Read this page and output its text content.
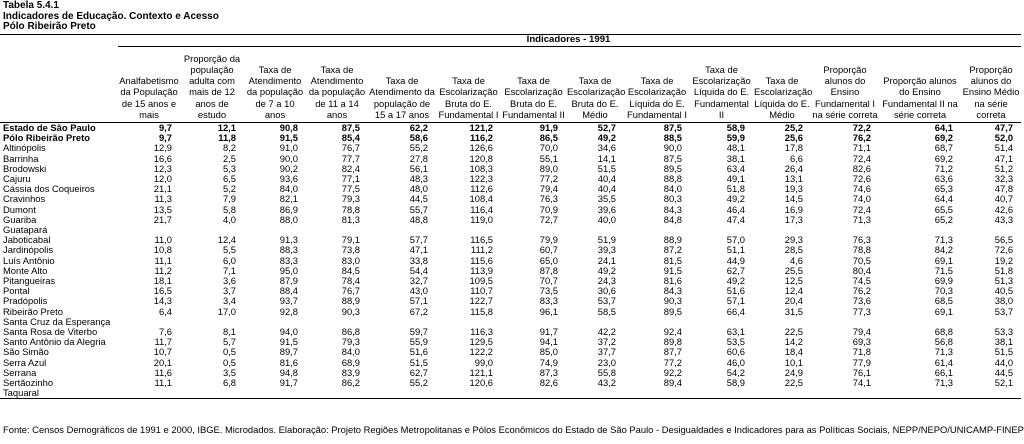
Tabela 5.4.1
Indicadores de Educação. Contexto e Acesso
Pólo Ribeirão Preto
	Indicadores - 1991													
	Analfabetismo da População de 15 anos e mais	Proporção da população adulta com mais de 12 anos de estudo	Taxa de Atendimento da população de 7 a 10 anos	Taxa de Atendimento da população de 11 a 14 anos	Taxa de Atendimento da população de 15 a 17 anos	Taxa de Escolarização Bruta do E. Fundamental I	Taxa de Escolarização Bruta do E. Fundamental II	Taxa de Escolarização Bruta do E. Médio	Taxa de Escolarização Líquida do E. Fundamental I	Taxa de Escolarização Líquida do E. Fundamental II	Taxa de Escolarização Líquida do E. Médio	Proporção alunos do Ensino Fundamental I na série correta	Proporção alunos do Ensino Fundamental II na série correta	Proporção alunos do Ensino Médio na série correta
Estado de São Paulo	9,7	12,1	90,8	87,5	62,2	121,2	91,9	52,7	87,5	58,9	25,2	72,2	64,1	47,7
Pólo Ribeirão Preto	9,7	11,8	91,5	85,4	58,6	116,2	86,5	49,2	88,5	59,9	25,6	76,2	69,2	52,0
Altinópolis	12,9	8,2	91,0	76,7	55,2	126,6	70,0	34,6	90,0	48,1	17,8	71,1	68,7	51,4
Barrinha	16,6	2,5	90,0	77,7	27,8	120,8	55,1	14,1	87,5	38,1	6,6	72,4	69,2	47,1
Brodowski	12,3	5,3	90,2	82,4	56,1	108,3	89,0	51,5	89,5	63,4	26,4	82,6	71,2	51,2
Cajuru	12,0	6,5	93,6	77,1	48,3	122,3	77,2	40,4	88,8	49,1	13,1	72,6	63,6	32,3
Cássia dos Coqueiros	21,1	5,2	84,0	77,5	48,0	112,6	79,4	40,4	84,0	51,8	19,3	74,6	65,3	47,8
Cravinhos	11,3	7,9	82,1	79,3	44,5	108,4	76,3	35,5	80,3	49,2	14,5	74,0	64,4	40,7
Dumont	13,5	5,8	86,9	78,8	55,7	116,4	70,9	39,6	84,3	46,4	16,9	72,4	65,5	42,6
Guariba	21,7	4,0	88,0	81,3	48,8	119,0	72,7	40,0	84,8	47,4	17,3	71,3	65,2	43,3
Guatapará														
Jaboticabal	11,0	12,4	91,3	79,1	57,7	116,5	79,9	51,9	88,9	57,0	29,3	76,3	71,3	56,5
Jardinópolis	10,8	5,5	88,3	73,8	47,1	111,2	60,7	39,3	87,2	51,1	28,5	78,8	84,2	72,6
Luís Antônio	11,1	6,0	83,3	83,0	33,8	115,6	65,0	24,1	81,5	44,9	4,6	70,5	69,1	19,2
Monte Alto	11,2	7,1	95,0	84,5	54,4	113,9	87,8	49,2	91,5	62,7	25,5	80,4	71,5	51,8
Pitangueiras	18,1	3,6	87,9	78,4	32,7	109,5	70,7	24,3	81,6	49,2	12,5	74,5	69,9	51,3
Pontal	16,5	3,7	88,4	76,7	43,0	110,7	73,5	30,6	84,3	51,6	12,4	76,2	70,3	40,5
Pradópolis	14,3	3,4	93,7	88,9	57,1	122,7	83,3	53,7	90,3	57,1	20,4	73,6	68,5	38,0
Ribeirão Preto	6,4	17,0	92,8	90,3	67,2	115,8	96,1	58,5	89,5	66,4	31,5	77,3	69,1	53,7
Santa Cruz da Esperança														
Santa Rosa de Viterbo	7,6	8,1	94,0	86,8	59,7	116,3	91,7	42,2	92,4	63,1	22,5	79,4	68,8	53,3
Santo Antônio da Alegria	11,7	5,7	91,5	79,3	55,9	129,5	94,1	37,2	89,8	53,5	14,2	69,3	56,8	38,1
São Simão	10,7	0,5	89,7	84,0	51,6	122,2	85,0	37,7	87,7	60,6	18,4	71,8	71,3	51,5
Serra Azul	20,1	0,5	81,6	68,9	51,5	99,0	74,9	23,0	77,2	46,0	10,1	77,9	61,4	44,0
Serrana	11,6	3,5	94,8	83,9	62,7	121,1	87,3	55,8	92,2	54,2	24,9	76,1	66,1	44,5
Sertãozinho	11,1	6,8	91,7	86,2	55,2	120,6	82,6	43,2	89,4	58,9	22,5	74,1	71,3	52,1
Taquaral														
Fonte: Censos Demográficos de 1991 e 2000, IBGE. Microdados. Elaboração: Projeto Regiões Metropolitanas e Pólos Econômicos do Estado de São Paulo - Desigualdades e Indicadores para as Políticas Sociais, NEPP/NEPO/UNICAMP-FINEP
